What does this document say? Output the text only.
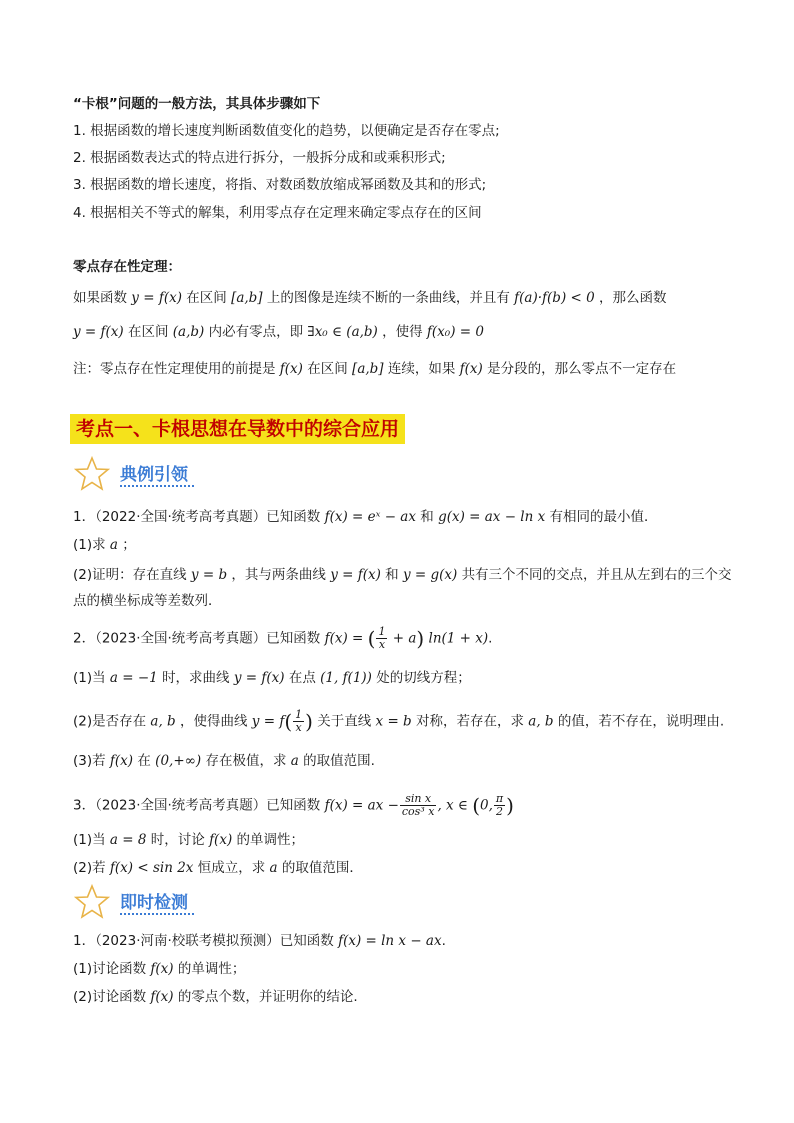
“卡根”问题的一般方法，其具体步骤如下
1. 根据函数的增长速度判断函数值变化的趋势，以便确定是否存在零点;
2. 根据函数表达式的特点进行拆分，一般拆分成和或乘积形式;
3. 根据函数的增长速度，将指、对数函数放缩成幂函数及其和的形式;
4. 根据相关不等式的解集，利用零点存在定理来确定零点存在的区间
零点存在性定理：
如果函数 y = f(x) 在区间 [a,b] 上的图像是连续不断的一条曲线，并且有 f(a)·f(b) < 0 ，那么函数
y = f(x) 在区间 (a,b) 内必有零点，即 ∃x₀ ∈ (a,b) ，使得 f(x₀) = 0
注：零点存在性定理使用的前提是 f(x) 在区间 [a,b] 连续，如果 f(x) 是分段的，那么零点不一定存在
考点一、卡根思想在导数中的综合应用
典例引领
1．（2022·全国·统考高考真题）已知函数 f(x) = eˣ − ax 和 g(x) = ax − ln x 有相同的最小值．
(1)求 a ；
(2)证明：存在直线 y = b ，其与两条曲线 y = f(x) 和 y = g(x) 共有三个不同的交点，并且从左到右的三个交
点的横坐标成等差数列．
2．（2023·全国·统考高考真题）已知函数 f(x) = ( $\frac{1}{x} + a$) ln(1 + x).
(1)当 a = −1 时，求曲线 y = f(x) 在点 (1, f(1)) 处的切线方程；
(2)是否存在 a, b ，使得曲线 $y = f( \frac{1}{x}$ ) 关于直线 x = b 对称，若存在，求 a, b 的值，若不存在，说明理由.
(3)若 f(x) 在 (0,+∞) 存在极值，求 a 的取值范围.
3．（2023·全国·统考高考真题）已知函数 f(x) = ax − $\frac{\text{sin x}}{\text{cos³ x}}$ , x ∈ (0, $\frac{\pi}{2}$ )
(1)当 a = 8 时，讨论 f(x) 的单调性；
(2)若 f(x) < sin 2x 恒成立，求 a 的取值范围．
即时检测
1．（2023·河南·校联考模拟预测）已知函数 f(x) = ln x − ax.
(1)讨论函数 f(x) 的单调性；
(2)讨论函数 f(x) 的零点个数，并证明你的结论.
